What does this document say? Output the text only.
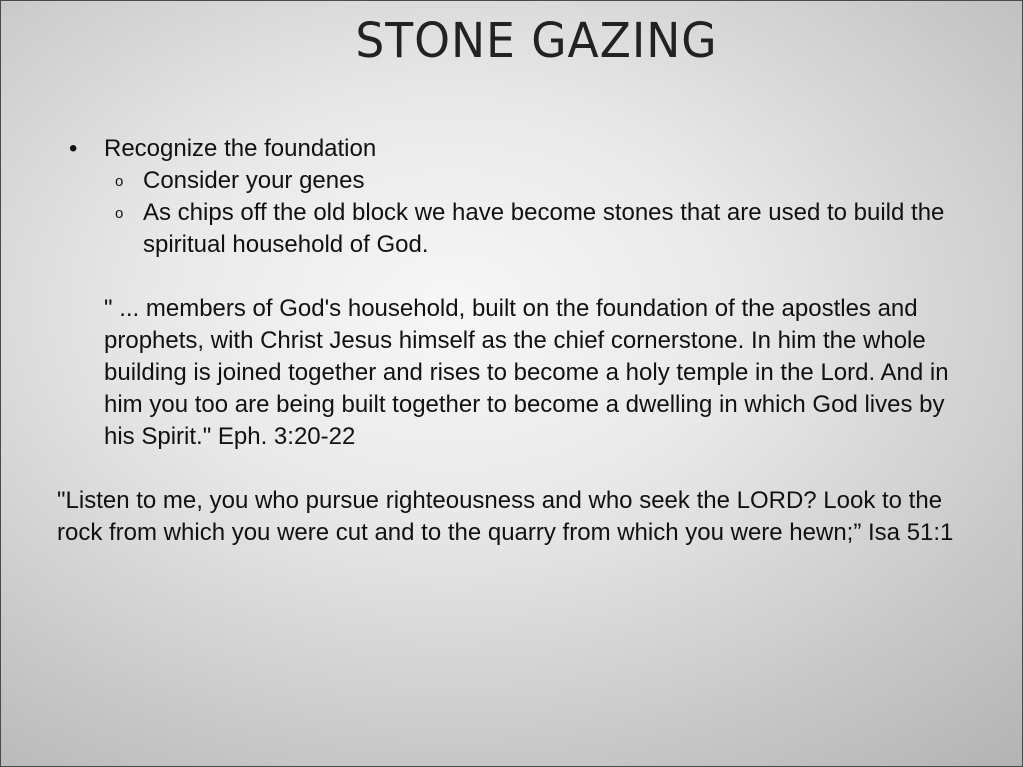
STONE GAZING
• Recognize the foundation
o Consider your genes
o As chips off the old block we have become stones that are used to build the spiritual household of God.
" ... members of God's household, built on the foundation of the apostles and prophets, with Christ Jesus himself as the chief cornerstone. In him the whole building is joined together and rises to become a holy temple in the Lord. And in him you too are being built together to become a dwelling in which God lives by his Spirit." Eph. 3:20-22
"Listen to me, you who pursue righteousness and who seek the LORD? Look to the rock from which you were cut and to the quarry from which you were hewn;” Isa 51:1
